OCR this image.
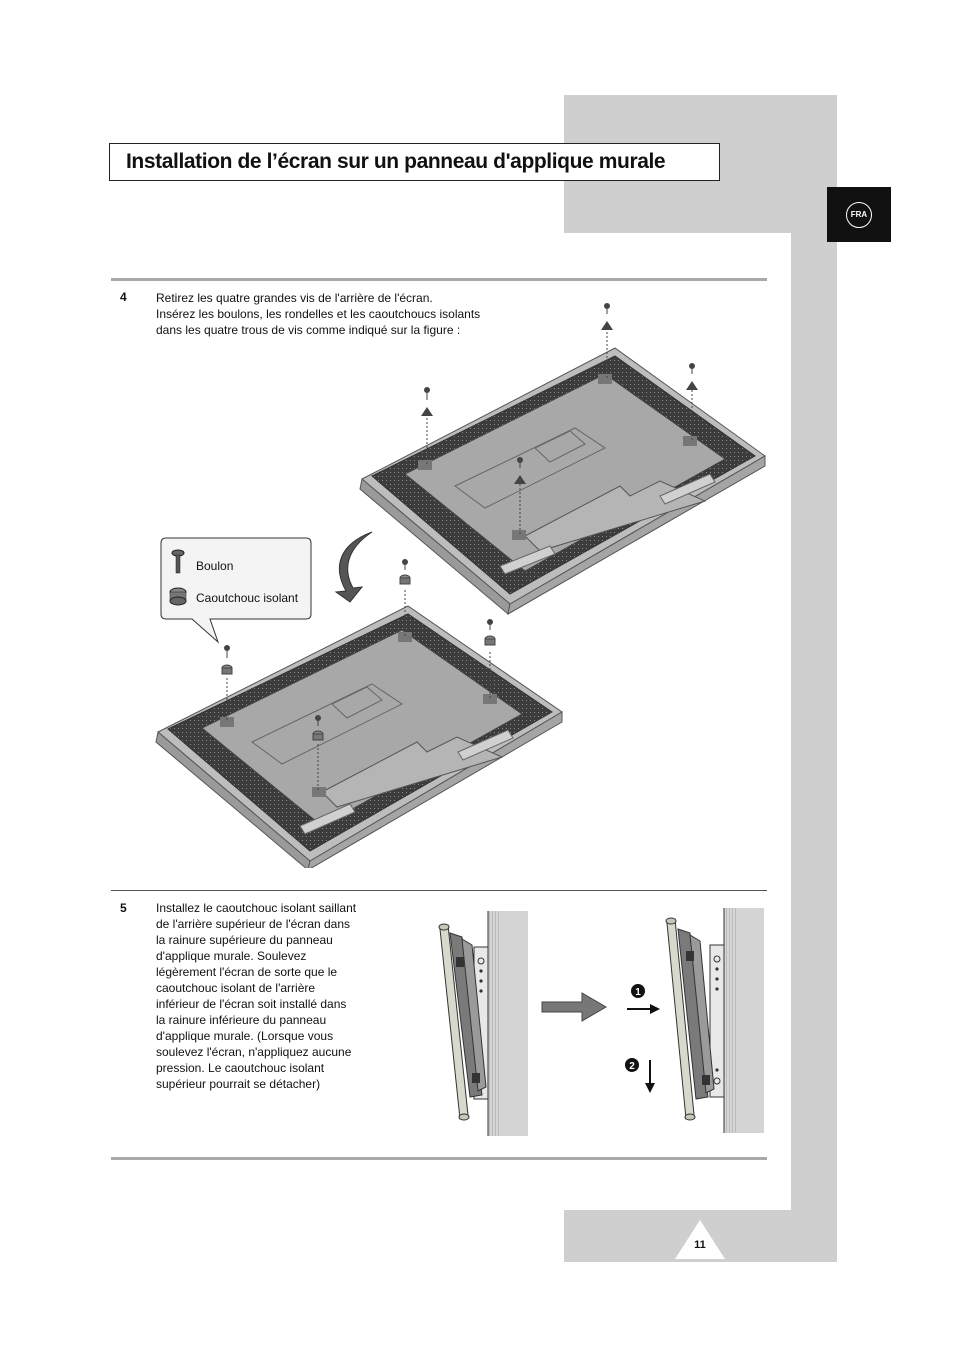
Installation de l’écran sur un panneau d'applique murale
FRA
4 Retirez les quatre grandes vis de l'arrière de l'écran.
Insérez les boulons, les rondelles et les caoutchoucs isolants
dans les quatre trous de vis comme indiqué sur la figure :
Boulon
Caoutchouc isolant
5 Installez le caoutchouc isolant saillant
de l'arrière supérieur de l'écran dans
la rainure supérieure du panneau
d'applique murale. Soulevez
légèrement l'écran de sorte que le
caoutchouc isolant de l'arrière
inférieur de l'écran soit installé dans
la rainure inférieure du panneau
d'applique murale. (Lorsque vous
soulevez l'écran, n'appliquez aucune
pression. Le caoutchouc isolant
supérieur pourrait se détacher)
1
2
11
